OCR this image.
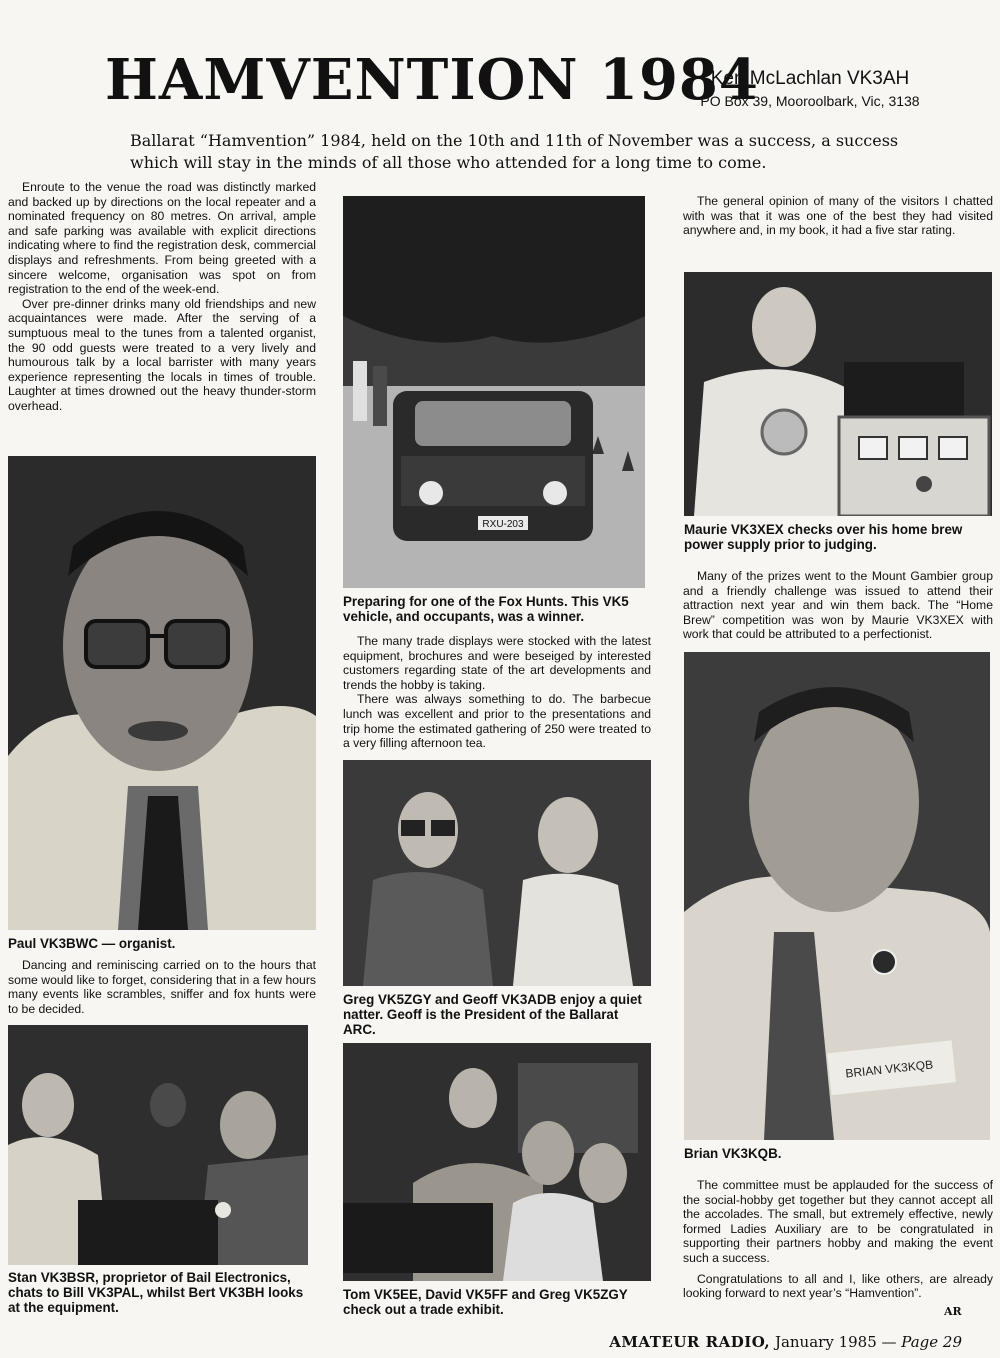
HAMVENTION 1984
Ken McLachlan VK3AH
PO Box 39, Mooroolbark, Vic, 3138
Ballarat “Hamvention” 1984, held on the 10th and 11th of November was a success, a success which will stay in the minds of all those who attended for a long time to come.

Enroute to the venue the road was distinctly marked and backed up by directions on the local repeater and a nominated frequency on 80 metres. On arrival, ample and safe parking was available with explicit directions indicating where to find the registration desk, commercial displays and refreshments. From being greeted with a sincere welcome, organisation was spot on from registration to the end of the week-end.

Over pre-dinner drinks many old friendships and new acquaintances were made. After the serving of a sumptuous meal to the tunes from a talented organist, the 90 odd guests were treated to a very lively and humourous talk by a local barrister with many years experience representing the locals in times of trouble. Laughter at times drowned out the heavy thunder-storm overhead.

Paul VK3BWC — organist.

Dancing and reminiscing carried on to the hours that some would like to forget, considering that in a few hours many events like scrambles, sniffer and fox hunts were to be decided.

Stan VK3BSR, proprietor of Bail Electronics, chats to Bill VK3PAL, whilst Bert VK3BH looks at the equipment.
RXU-203
Preparing for one of the Fox Hunts. This VK5 vehicle, and occupants, was a winner.

The many trade displays were stocked with the latest equipment, brochures and were beseiged by interested customers regarding state of the art developments and trends the hobby is taking.

There was always something to do. The barbecue lunch was excellent and prior to the presentations and trip home the estimated gathering of 250 were treated to a very filling afternoon tea.

Greg VK5ZGY and Geoff VK3ADB enjoy a quiet natter. Geoff is the President of the Ballarat ARC.
Tom VK5EE, David VK5FF and Greg VK5ZGY check out a trade exhibit.

The general opinion of many of the visitors I chatted with was that it was one of the best they had visited anywhere and, in my book, it had a five star rating.

Maurie VK3XEX checks over his home brew power supply prior to judging.

Many of the prizes went to the Mount Gambier group and a friendly challenge was issued to attend their attraction next year and win them back. The “Home Brew” competition was won by Maurie VK3XEX with work that could be attributed to a perfectionist.

BRIAN VK3KQB
Brian VK3KQB.

The committee must be applauded for the success of the social-hobby get together but they cannot accept all the accolades. The small, but extremely effective, newly formed Ladies Auxiliary are to be congratulated in supporting their partners hobby and making the event such a success.

Congratulations to all and I, like others, are already looking forward to next year’s “Hamvention”.

AR
AMATEUR RADIO, January 1985 — Page 29
